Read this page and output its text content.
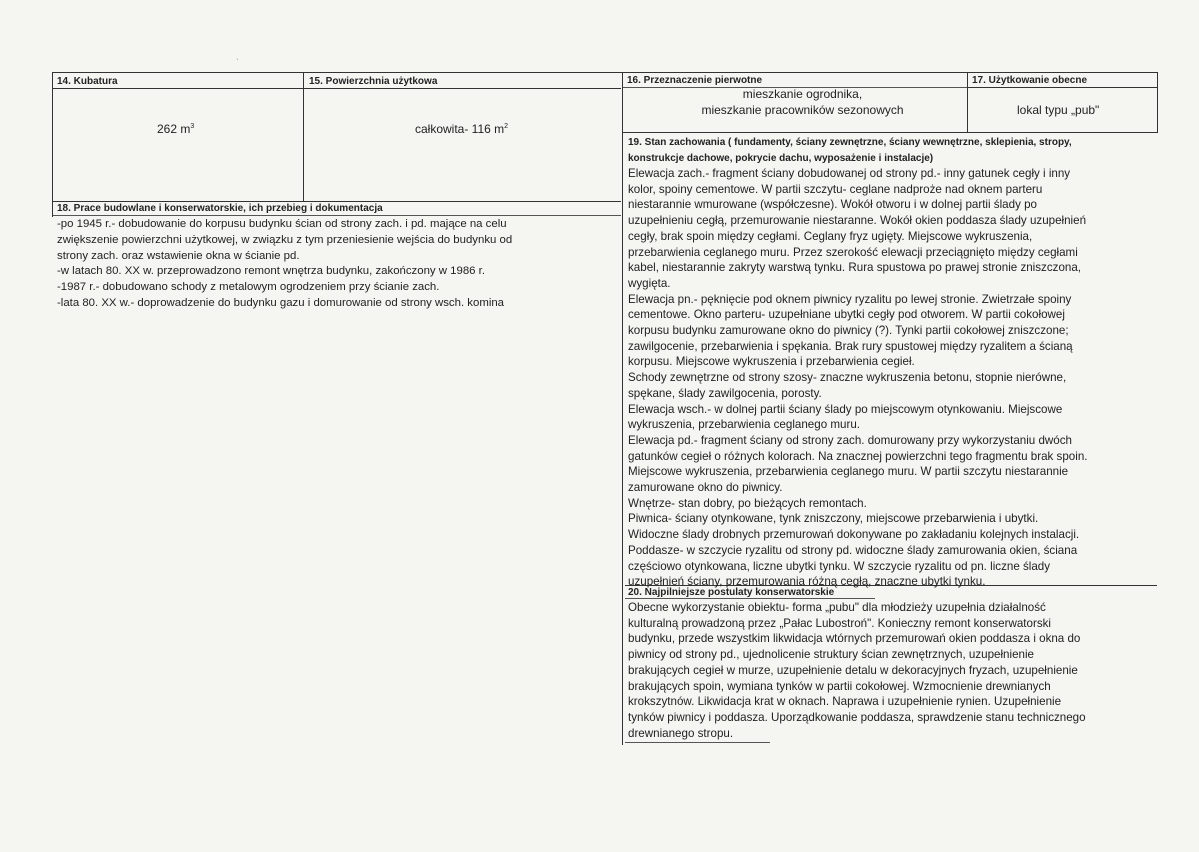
ˊ
14. Kubatura
262 $m^3$
15. Powierzchnia użytkowa
całkowita- 116 $m^2$
16. Przeznaczenie pierwotne
mieszkanie ogrodnika,
mieszkanie pracowników sezonowych
17. Użytkowanie obecne
lokal typu „pub"
18. Prace budowlane i konserwatorskie, ich przebieg i dokumentacja

-po 1945 r.- dobudowanie do korpusu budynku ścian od strony zach. i pd. mające na celu

zwiększenie powierzchni użytkowej, w związku z tym przeniesienie wejścia do budynku od

strony zach. oraz wstawienie okna w ścianie pd.

-w latach 80. XX w. przeprowadzono remont wnętrza budynku, zakończony w 1986 r.

-1987 r.- dobudowano schody z metalowym ogrodzeniem przy ścianie zach.

-lata 80. XX w.- doprowadzenie do budynku gazu i domurowanie od strony wsch. komina

19. Stan zachowania ( fundamenty, ściany zewnętrzne, ściany wewnętrzne, sklepienia, stropy,
konstrukcje dachowe, pokrycie dachu, wyposażenie i instalacje)

Elewacja zach.- fragment ściany dobudowanej od strony pd.- inny gatunek cegły i inny

kolor, spoiny cementowe. W partii szczytu- ceglane nadproże nad oknem parteru

niestarannie wmurowane (współczesne). Wokół otworu i w dolnej partii ślady po

uzupełnieniu cegłą, przemurowanie niestaranne. Wokół okien poddasza ślady uzupełnień

cegły, brak spoin między cegłami. Ceglany fryz ugięty. Miejscowe wykruszenia,

przebarwienia ceglanego muru. Przez szerokość elewacji przeciągnięto między cegłami

kabel, niestarannie zakryty warstwą tynku. Rura spustowa po prawej stronie zniszczona,

wygięta.

Elewacja pn.- pęknięcie pod oknem piwnicy ryzalitu po lewej stronie. Zwietrzałe spoiny

cementowe. Okno parteru- uzupełniane ubytki cegły pod otworem. W partii cokołowej

korpusu budynku zamurowane okno do piwnicy (?). Tynki partii cokołowej zniszczone;

zawilgocenie, przebarwienia i spękania. Brak rury spustowej między ryzalitem a ścianą

korpusu. Miejscowe wykruszenia i przebarwienia cegieł.

Schody zewnętrzne od strony szosy- znaczne wykruszenia betonu, stopnie nierówne,

spękane, ślady zawilgocenia, porosty.

Elewacja wsch.- w dolnej partii ściany ślady po miejscowym otynkowaniu. Miejscowe

wykruszenia, przebarwienia ceglanego muru.

Elewacja pd.- fragment ściany od strony zach. domurowany przy wykorzystaniu dwóch

gatunków cegieł o różnych kolorach. Na znacznej powierzchni tego fragmentu brak spoin.

Miejscowe wykruszenia, przebarwienia ceglanego muru. W partii szczytu niestarannie

zamurowane okno do piwnicy.

Wnętrze- stan dobry, po bieżących remontach.

Piwnica- ściany otynkowane, tynk zniszczony, miejscowe przebarwienia i ubytki.

Widoczne ślady drobnych przemurowań dokonywane po zakładaniu kolejnych instalacji.

Poddasze- w szczycie ryzalitu od strony pd. widoczne ślady zamurowania okien, ściana

częściowo otynkowana, liczne ubytki tynku. W szczycie ryzalitu od pn. liczne ślady

uzupełnień ściany, przemurowania różną cegłą, znaczne ubytki tynku.

20. Najpilniejsze postulaty konserwatorskie

Obecne wykorzystanie obiektu- forma „pubu" dla młodzieży uzupełnia działalność

kulturalną prowadzoną przez „Pałac Lubostroń". Konieczny remont konserwatorski

budynku, przede wszystkim likwidacja wtórnych przemurowań okien poddasza i okna do

piwnicy od strony pd., ujednolicenie struktury ścian zewnętrznych, uzupełnienie

brakujących cegieł w murze, uzupełnienie detalu w dekoracyjnych fryzach, uzupełnienie

brakujących spoin, wymiana tynków w partii cokołowej. Wzmocnienie drewnianych

krokszytnów. Likwidacja krat w oknach. Naprawa i uzupełnienie rynien. Uzupełnienie

tynków piwnicy i poddasza. Uporządkowanie poddasza, sprawdzenie stanu technicznego

drewnianego stropu.
